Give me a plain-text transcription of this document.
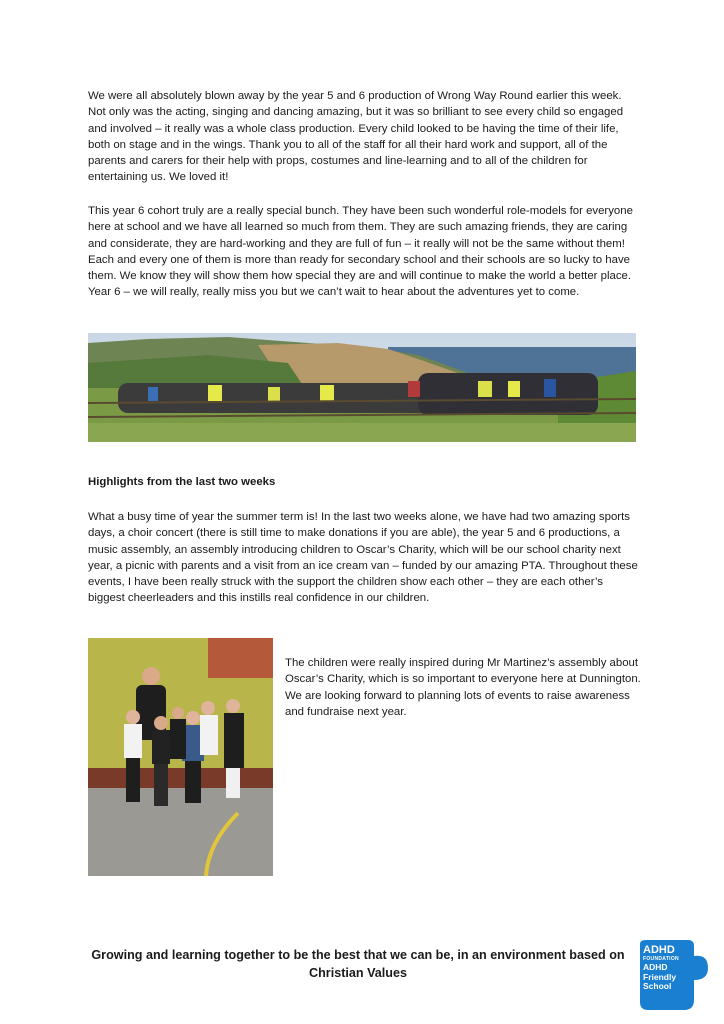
We were all absolutely blown away by the year 5 and 6 production of Wrong Way Round earlier this week. Not only was the acting, singing and dancing amazing, but it was so brilliant to see every child so engaged and involved – it really was a whole class production. Every child looked to be having the time of their life, both on stage and in the wings. Thank you to all of the staff for all their hard work and support, all of the parents and carers for their help with props, costumes and line-learning and to all of the children for entertaining us. We loved it!

This year 6 cohort truly are a really special bunch. They have been such wonderful role-models for everyone here at school and we have all learned so much from them. They are such amazing friends, they are caring and considerate, they are hard-working and they are full of fun – it really will not be the same without them! Each and every one of them is more than ready for secondary school and their schools are so lucky to have them. We know they will show them how special they are and will continue to make the world a better place. Year 6 – we will really, really miss you but we can’t wait to hear about the adventures yet to come.

Highlights from the last two weeks

What a busy time of year the summer term is! In the last two weeks alone, we have had two amazing sports days, a choir concert (there is still time to make donations if you are able), the year 5 and 6 productions, a music assembly, an assembly introducing children to Oscar’s Charity, which will be our school charity next year, a picnic with parents and a visit from an ice cream van – funded by our amazing PTA. Throughout these events, I have been really struck with the support the children show each other – they are each other’s biggest cheerleaders and this instills real confidence in our children.

The children were really inspired during Mr Martinez’s assembly about Oscar’s Charity, which is so important to everyone here at Dunnington. We are looking forward to planning lots of events to raise awareness and fundraise next year.

Growing and learning together to be the best that we can be, in an environment based on Christian Values

ADHD
FOUNDATION
ADHD
Friendly
School
